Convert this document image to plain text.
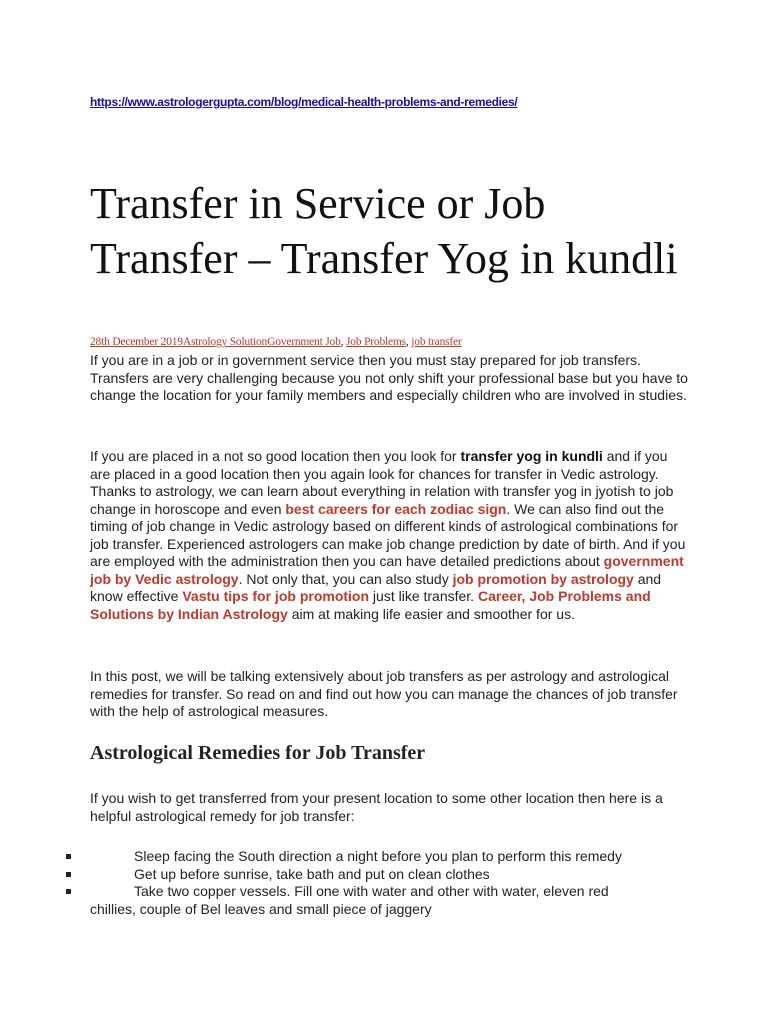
https://www.astrologergupta.com/blog/medical-health-problems-and-remedies/
Transfer in Service or Job Transfer – Transfer Yog in kundli
28th December 2019Astrology SolutionGovernment Job, Job Problems, job transfer

If you are in a job or in government service then you must stay prepared for job transfers. Transfers are very challenging because you not only shift your professional base but you have to change the location for your family members and especially children who are involved in studies.

If you are placed in a not so good location then you look for transfer yog in kundli and if you are placed in a good location then you again look for chances for transfer in Vedic astrology. Thanks to astrology, we can learn about everything in relation with transfer yog in jyotish to job change in horoscope and even best careers for each zodiac sign. We can also find out the timing of job change in Vedic astrology based on different kinds of astrological combinations for job transfer. Experienced astrologers can make job change prediction by date of birth. And if you are employed with the administration then you can have detailed predictions about government job by Vedic astrology. Not only that, you can also study job promotion by astrology and know effective Vastu tips for job promotion just like transfer. Career, Job Problems and Solutions by Indian Astrology aim at making life easier and smoother for us.

In this post, we will be talking extensively about job transfers as per astrology and astrological remedies for transfer. So read on and find out how you can manage the chances of job transfer with the help of astrological measures.

Astrological Remedies for Job Transfer

If you wish to get transferred from your present location to some other location then here is a helpful astrological remedy for job transfer:

Sleep facing the South direction a night before you plan to perform this remedy
Get up before sunrise, take bath and put on clean clothes
Take two copper vessels. Fill one with water and other with water, eleven red
chillies, couple of Bel leaves and small piece of jaggery
